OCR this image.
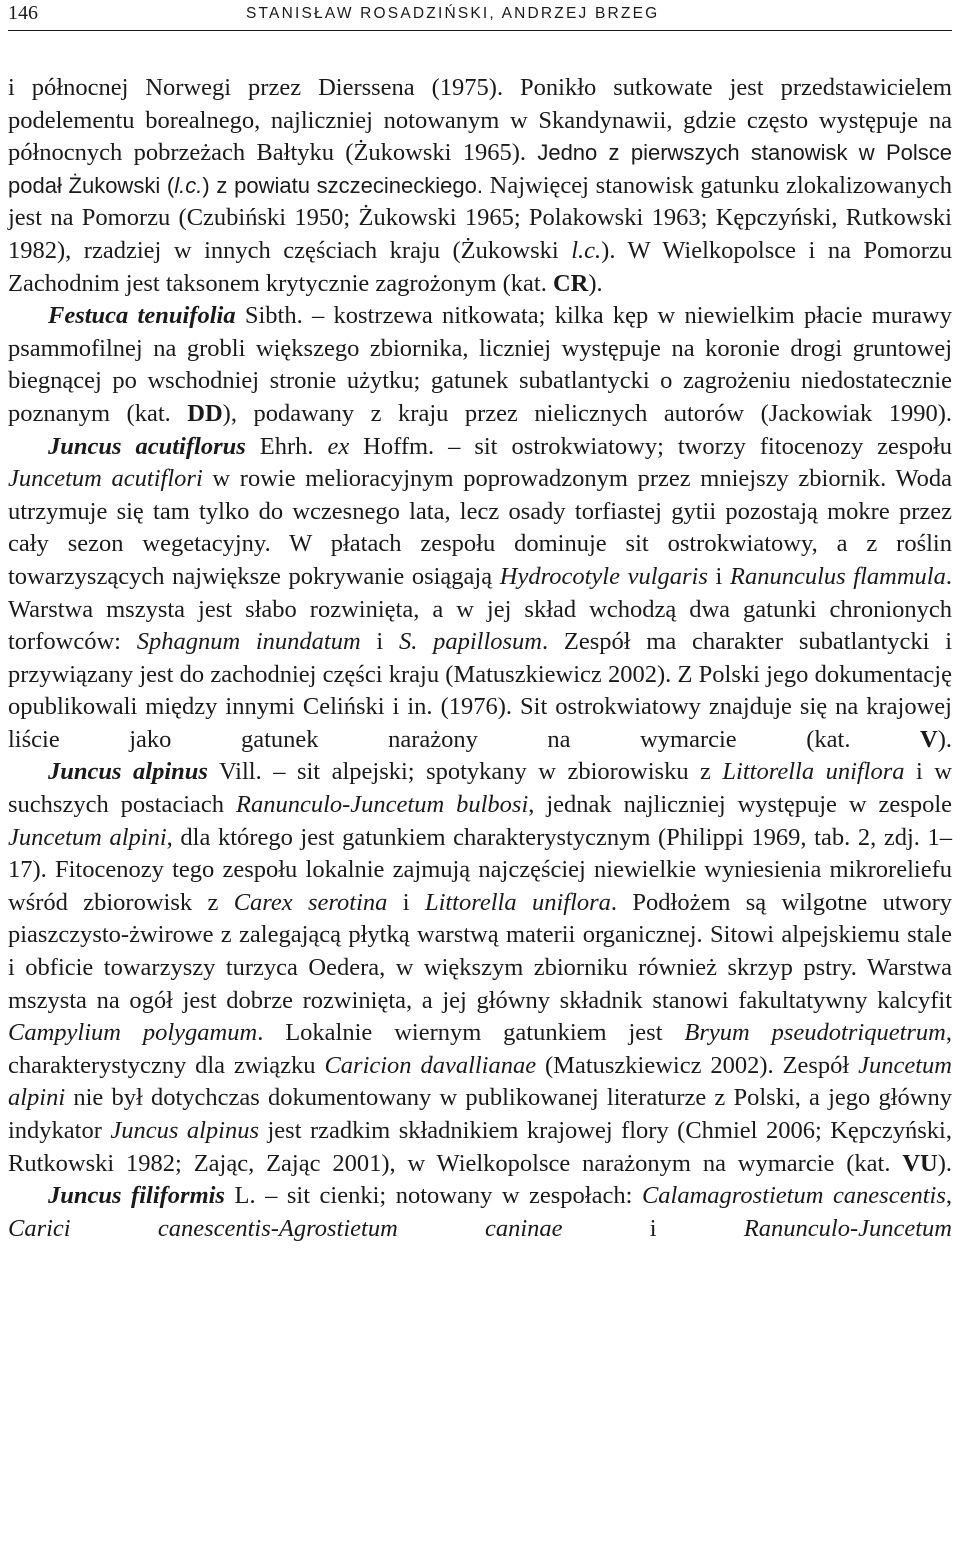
146	STANISŁAW ROSADZIŃSKI, ANDRZEJ BRZEG

i północnej Norwegi przez Dierssena (1975). Ponikło sutkowate jest przedstawicielem podelementu borealnego, najliczniej notowanym w Skandynawii, gdzie często występuje na północnych pobrzeżach Bałtyku (Żukowski 1965). Jedno z pierwszych stanowisk w Polsce podał Żukowski (l.c.) z powiatu szczecineckiego. Najwięcej stanowisk gatunku zlokalizowanych jest na Pomorzu (Czubiński 1950; Żukowski 1965; Polakowski 1963; Kępczyński, Rutkowski 1982), rzadziej w innych częściach kraju (Żukowski l.c.). W Wielkopolsce i na Pomorzu Zachodnim jest taksonem krytycznie zagrożonym (kat. CR).

Festuca tenuifolia Sibth. – kostrzewa nitkowata; kilka kęp w niewielkim płacie murawy psammofilnej na grobli większego zbiornika, liczniej występuje na koronie drogi gruntowej biegnącej po wschodniej stronie użytku; gatunek subatlantycki o zagrożeniu niedostatecznie poznanym (kat. DD), podawany z kraju przez nielicznych autorów (Jackowiak 1990).

Juncus acutiflorus Ehrh. ex Hoffm. – sit ostrokwiatowy; tworzy fitocenozy zespołu Juncetum acutiflori w rowie melioracyjnym poprowadzonym przez mniejszy zbiornik. Woda utrzymuje się tam tylko do wczesnego lata, lecz osady torfiastej gytii pozostają mokre przez cały sezon wegetacyjny. W płatach zespołu dominuje sit ostrokwiatowy, a z roślin towarzyszących największe pokrywanie osiągają Hydrocotyle vulgaris i Ranunculus flammula. Warstwa mszysta jest słabo rozwinięta, a w jej skład wchodzą dwa gatunki chronionych torfowców: Sphagnum inundatum i S. papillosum. Zespół ma charakter subatlantycki i przywiązany jest do zachodniej części kraju (Matuszkiewicz 2002). Z Polski jego dokumentację opublikowali między innymi Celiński i in. (1976). Sit ostrokwiatowy znajduje się na krajowej liście jako gatunek narażony na wymarcie (kat. V).

Juncus alpinus Vill. – sit alpejski; spotykany w zbiorowisku z Littorella uniflora i w suchszych postaciach Ranunculo-Juncetum bulbosi, jednak najliczniej występuje w zespole Juncetum alpini, dla którego jest gatunkiem charakterystycznym (Philippi 1969, tab. 2, zdj. 1–17). Fitocenozy tego zespołu lokalnie zajmują najczęściej niewielkie wyniesienia mikroreliefu wśród zbiorowisk z Carex serotina i Littorella uniflora. Podłożem są wilgotne utwory piaszczysto-żwirowe z zalegającą płytką warstwą materii organicznej. Sitowi alpejskiemu stale i obficie towarzyszy turzyca Oedera, w większym zbiorniku również skrzyp pstry. Warstwa mszysta na ogół jest dobrze rozwinięta, a jej główny składnik stanowi fakultatywny kalcyfit Campylium polygamum. Lokalnie wiernym gatunkiem jest Bryum pseudotriquetrum, charakterystyczny dla związku Caricion davallianae (Matuszkiewicz 2002). Zespół Juncetum alpini nie był dotychczas dokumentowany w publikowanej literaturze z Polski, a jego główny indykator Juncus alpinus jest rzadkim składnikiem krajowej flory (Chmiel 2006; Kępczyński, Rutkowski 1982; Zając, Zając 2001), w Wielkopolsce narażonym na wymarcie (kat. VU).

Juncus filiformis L. – sit cienki; notowany w zespołach: Calamagrostietum canescentis, Carici canescentis-Agrostietum caninae i Ranunculo-Juncetum
